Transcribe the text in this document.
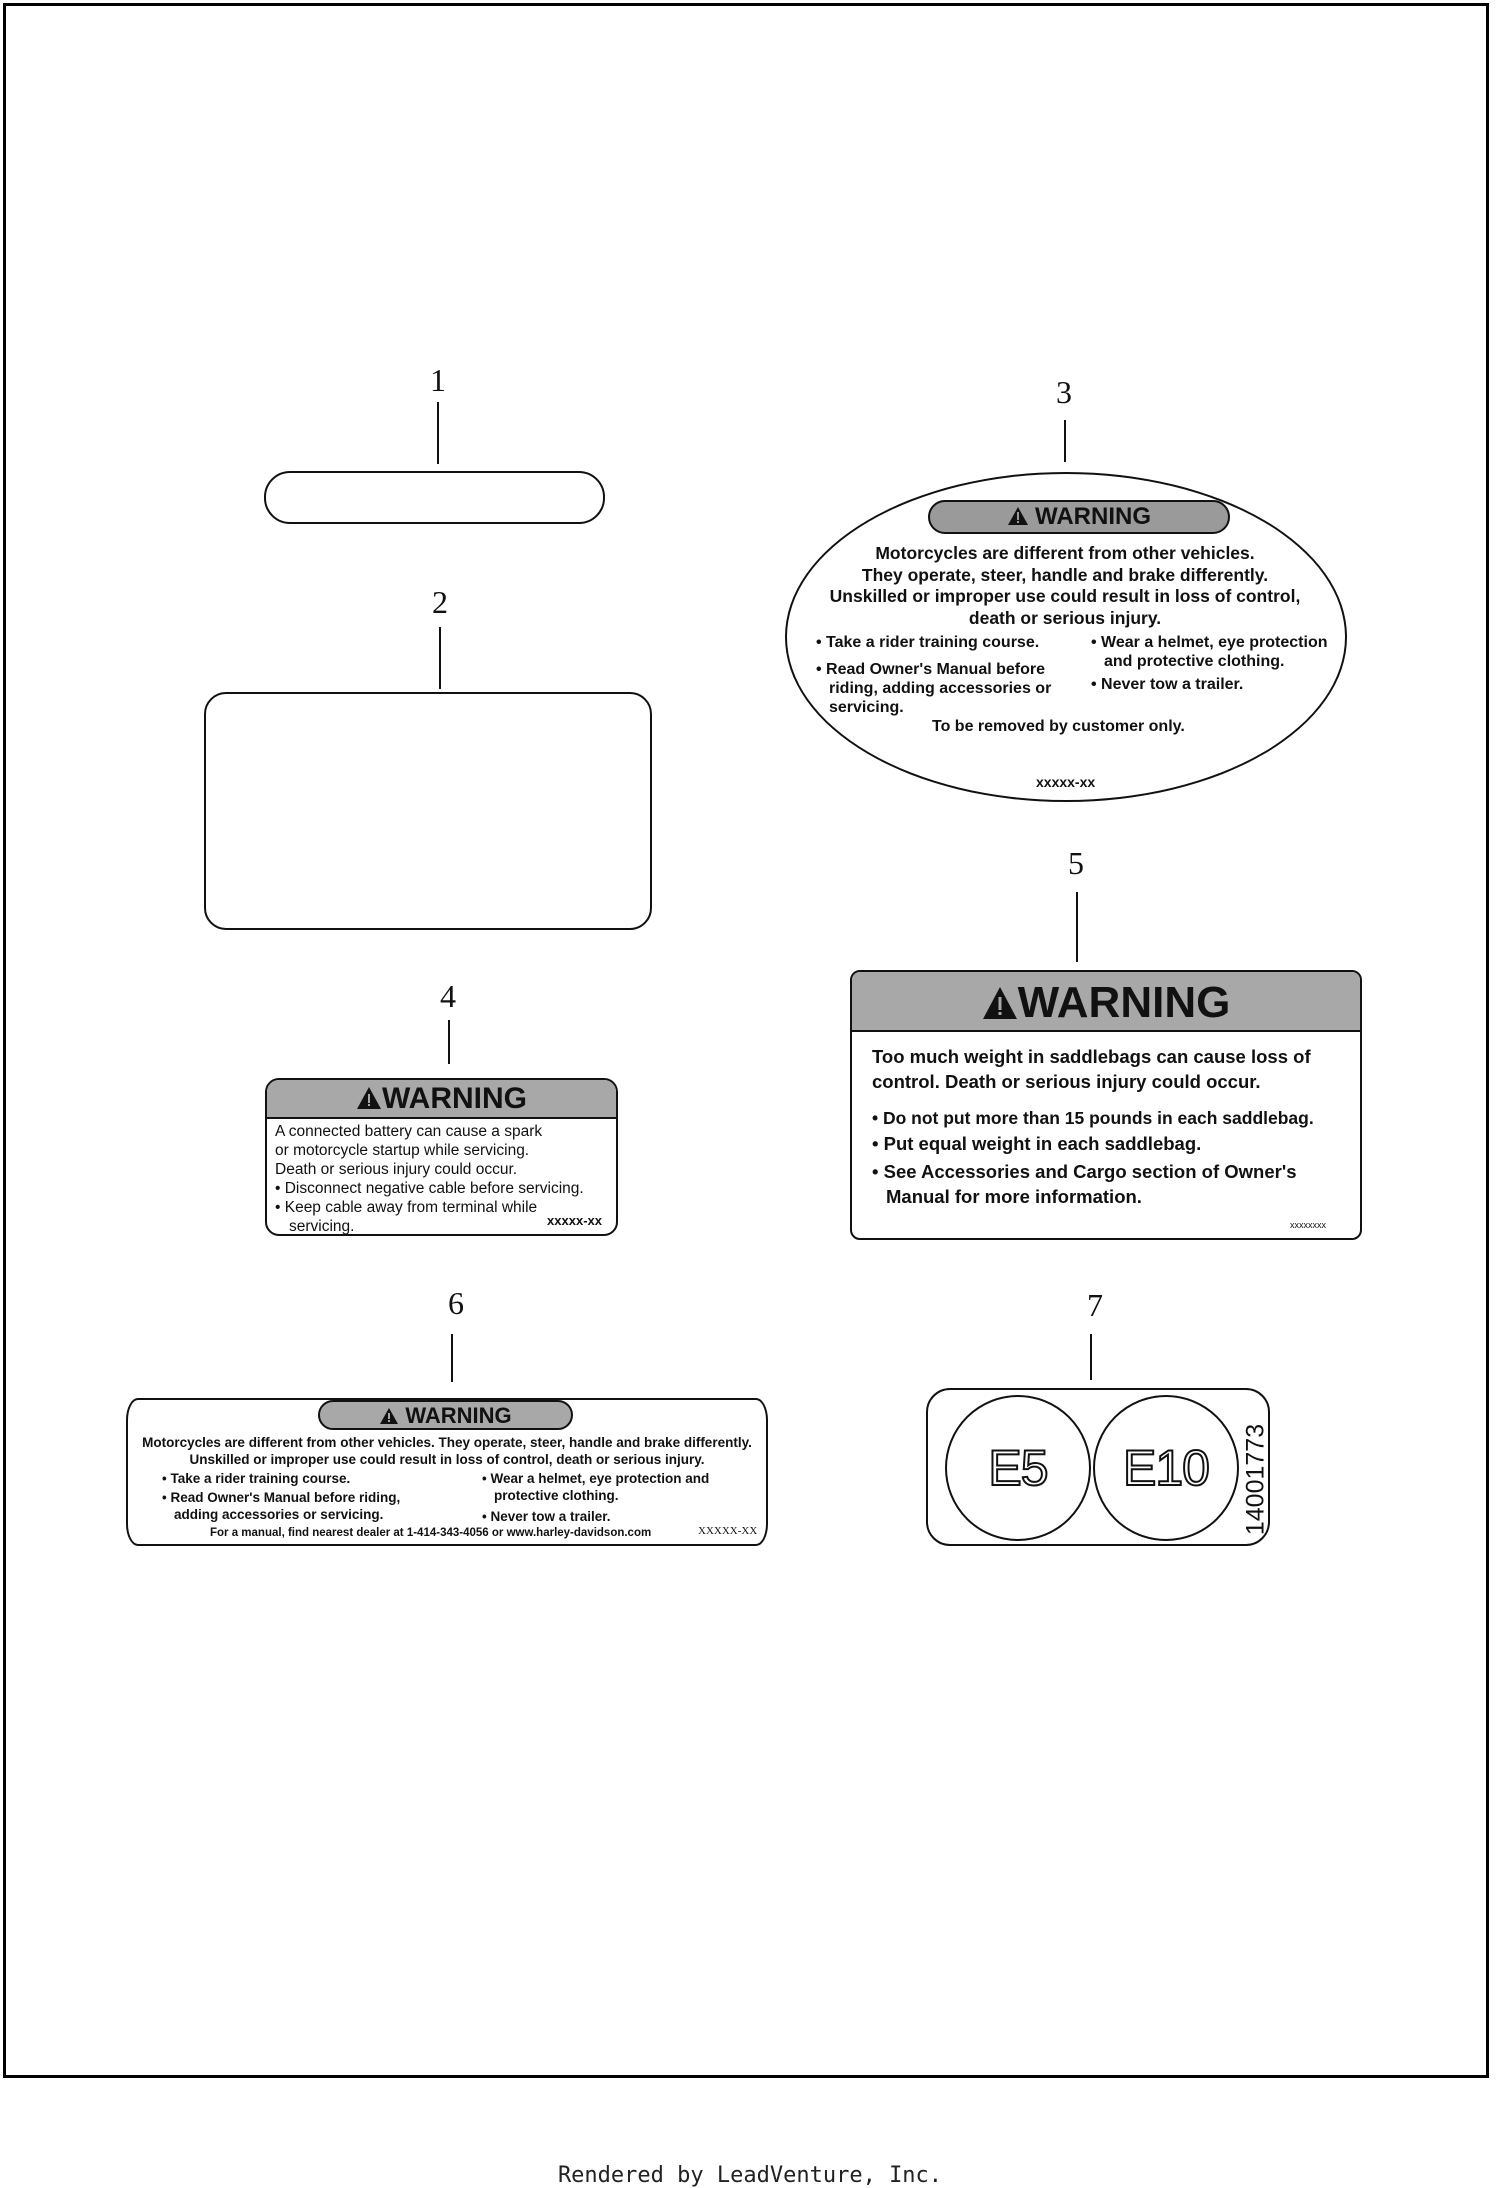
1
2
3
4
5
6	7
WARNING
Motorcycles are different from other vehicles.
They operate, steer, handle and brake differently.
Unskilled or improper use could result in loss of control,
death or serious injury.
• Take a rider training course.
• Read Owner's Manual before
riding, adding accessories or
servicing.
• Wear a helmet, eye protection
and protective clothing.
• Never tow a trailer.
To be removed by customer only.
xxxxx-xx
WARNING
A connected battery can cause a spark
or motorcycle startup while servicing.
Death or serious injury could occur.
• Disconnect negative cable before servicing.
• Keep cable away from terminal while
servicing.	xxxxx-xx
WARNING
Too much weight in saddlebags can cause loss of
control. Death or serious injury could occur.
• Do not put more than 15 pounds in each saddlebag.
• Put equal weight in each saddlebag.
• See Accessories and Cargo section of Owner's
Manual for more information.
xxxxxxxx
WARNING
Motorcycles are different from other vehicles. They operate, steer, handle and brake differently.
Unskilled or improper use could result in loss of control, death or serious injury.
• Take a rider training course.
• Read Owner's Manual before riding,
adding accessories or servicing.
• Wear a helmet, eye protection and
protective clothing.
• Never tow a trailer.
For a manual, find nearest dealer at 1-414-343-4056 or www.harley-davidson.com	XXXXX-XX
E5 E10 14001773
Rendered by LeadVenture, Inc.
